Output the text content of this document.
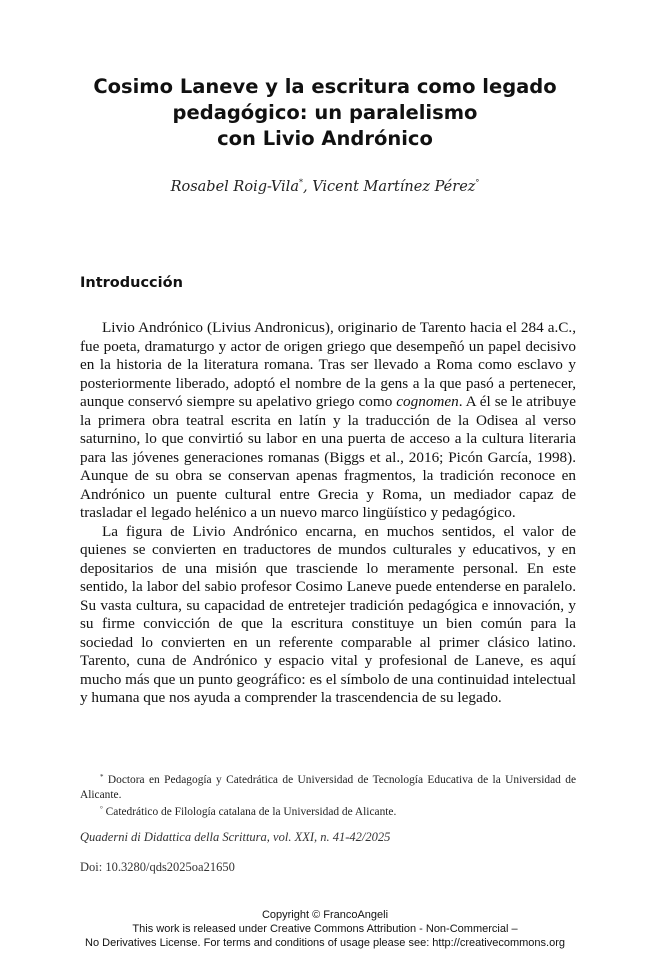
Cosimo Laneve y la escritura como legado
pedagógico: un paralelismo
con Livio Andrónico
Rosabel Roig-Vila*, Vicent Martínez Pérez°
Introducción

Livio Andrónico (Livius Andronicus), originario de Tarento hacia el 284 a.C., fue poeta, dramaturgo y actor de origen griego que desempeñó un papel decisivo en la historia de la literatura romana. Tras ser llevado a Roma como esclavo y posteriormente liberado, adoptó el nombre de la gens a la que pasó a pertenecer, aunque conservó siempre su apelativo griego como cognomen. A él se le atribuye la primera obra teatral escrita en latín y la traducción de la Odisea al verso saturnino, lo que convirtió su labor en una puerta de acceso a la cultura literaria para las jóvenes generaciones romanas (Biggs et al., 2016; Picón García, 1998). Aunque de su obra se conservan apenas fragmentos, la tradición reconoce en Andrónico un puente cultural entre Grecia y Roma, un mediador capaz de trasladar el legado helénico a un nuevo marco lingüístico y pedagógico.

La figura de Livio Andrónico encarna, en muchos sentidos, el valor de quienes se convierten en traductores de mundos culturales y educativos, y en depositarios de una misión que trasciende lo meramente personal. En este sentido, la labor del sabio profesor Cosimo Laneve puede entenderse en paralelo. Su vasta cultura, su capacidad de entretejer tradición pedagógica e innovación, y su firme convicción de que la escritura constituye un bien común para la sociedad lo convierten en un referente comparable al primer clásico latino. Tarento, cuna de Andrónico y espacio vital y profesional de Laneve, es aquí mucho más que un punto geográfico: es el símbolo de una continuidad intelectual y humana que nos ayuda a comprender la trascendencia de su legado.

* Doctora en Pedagogía y Catedrática de Universidad de Tecnología Educativa de la Universidad de Alicante.

° Catedrático de Filología catalana de la Universidad de Alicante.

Quaderni di Didattica della Scrittura, vol. XXI, n. 41-42/2025
Doi: 10.3280/qds2025oa21650
Copyright © FrancoAngeli
This work is released under Creative Commons Attribution - Non-Commercial –
No Derivatives License. For terms and conditions of usage please see: http://creativecommons.org
